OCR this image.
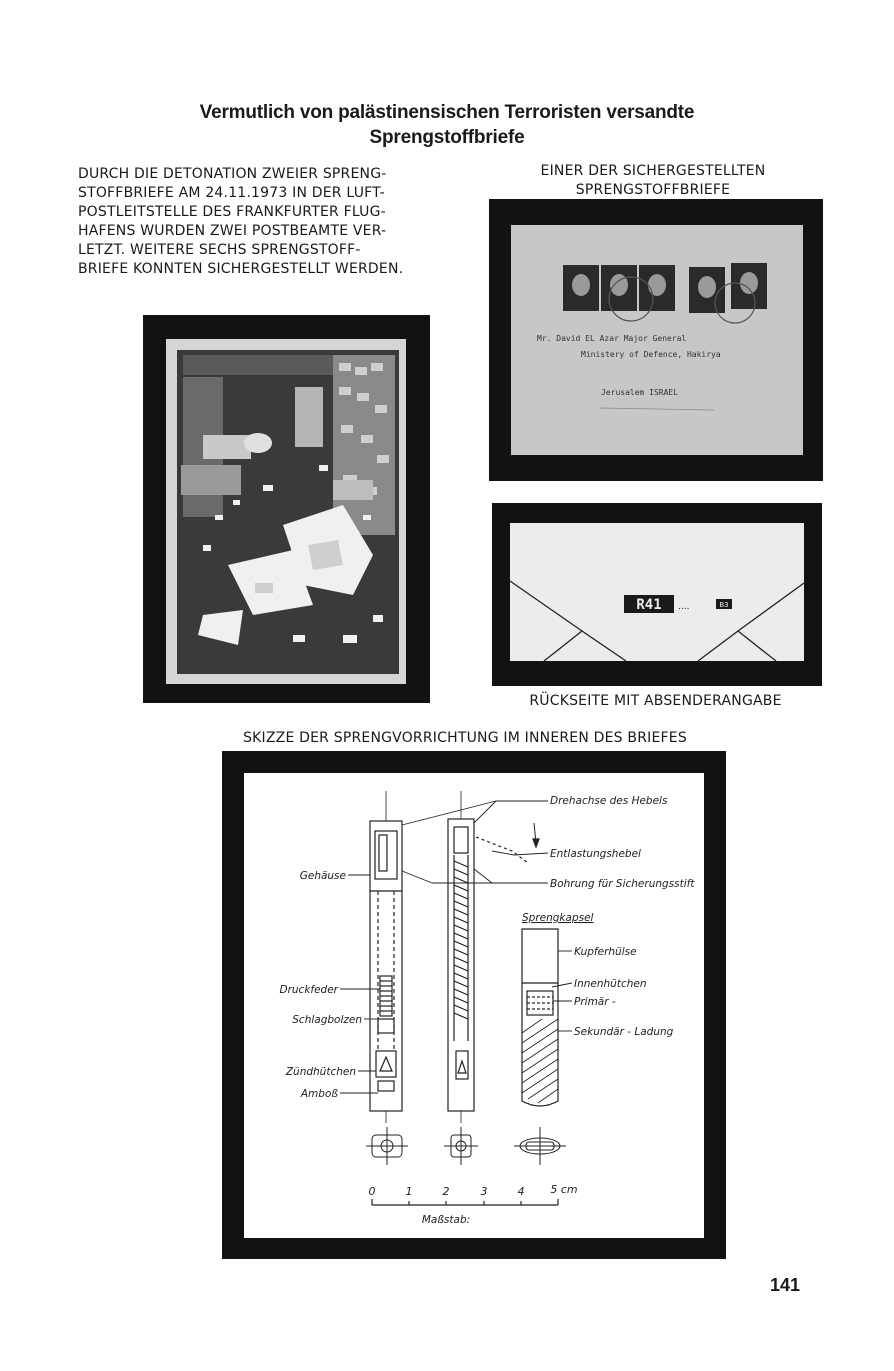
Vermutlich von palästinensischen Terroristen versandte
Sprengstoffbriefe
DURCH DIE DETONATION ZWEIER SPRENG-
STOFFBRIEFE AM 24.11.1973 IN DER LUFT-
POSTLEITSTELLE DES FRANKFURTER FLUG-
HAFENS WURDEN ZWEI POSTBEAMTE VER-
LETZT. WEITERE SECHS SPRENGSTOFF-
BRIEFE KONNTEN SICHERGESTELLT WERDEN.
EINER DER SICHERGESTELLTEN
SPRENGSTOFFBRIEFE
Mr. David EL Azar Major General
Ministery of Defence, Hakirya
Jerusalem ISRAEL
R41 ....	B3
RÜCKSEITE MIT ABSENDERANGABE
SKIZZE DER SPRENGVORRICHTUNG IM INNEREN DES BRIEFES
Drehachse des Hebels
Entlastungshebel
Bohrung für Sicherungsstift
Sprengkapsel
Kupferhülse
Innenhütchen
Primär -
Sekundär - Ladung
Gehäuse
Druckfeder
Schlagbolzen
Zündhütchen
Amboß
0	1	2	3	4 5 cm
Maßstab:
141
